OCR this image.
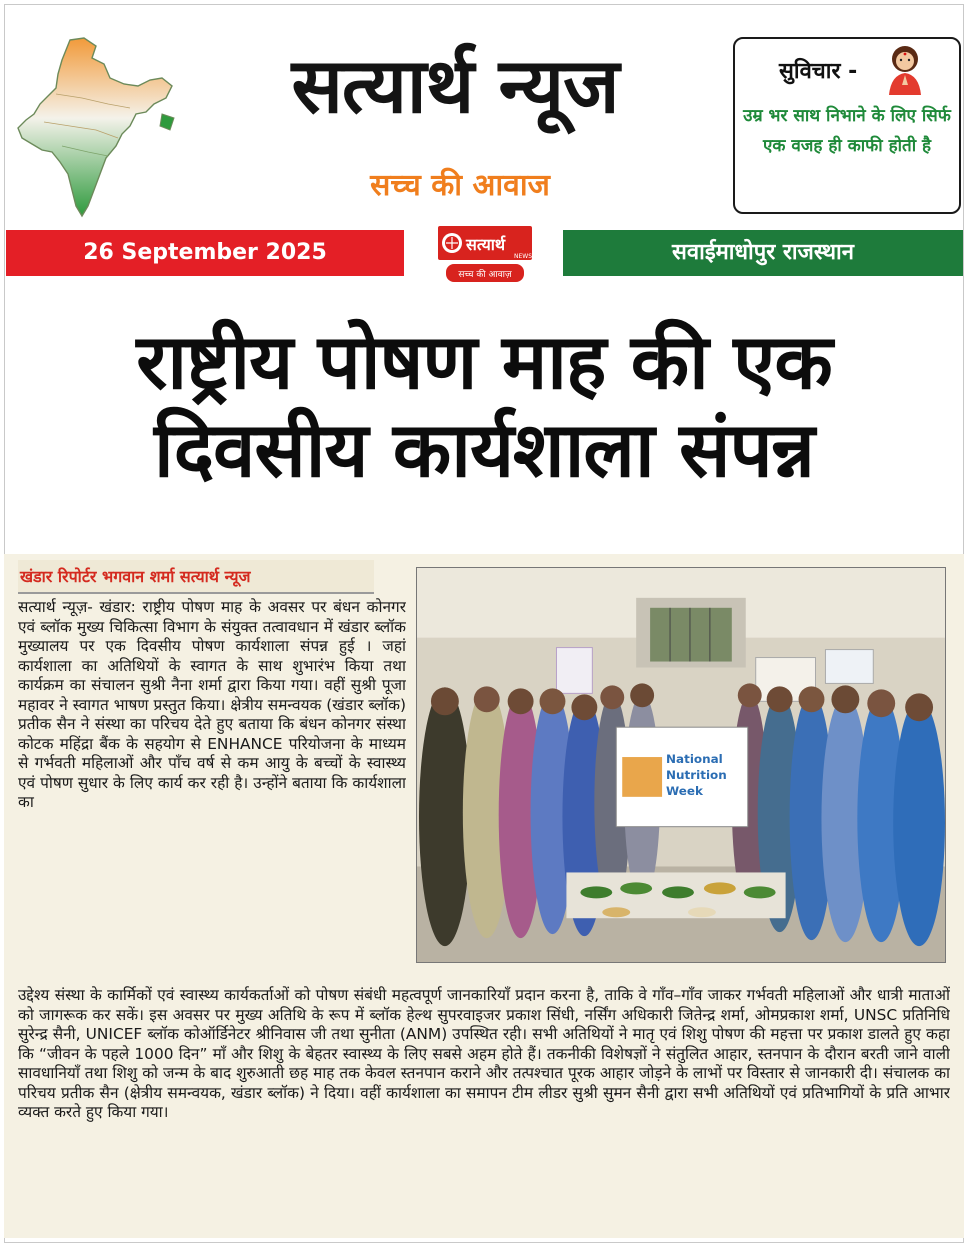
सत्यार्थ न्यूज
सच्च की आवाज
सुविचार -
उम्र भर साथ निभाने के लिए सिर्फ एक वजह ही काफी होती है
26 September 2025	सत्यार्थ
NEWS
सच्च की आवाज़
सवाईमाधोपुर राजस्थान
राष्ट्रीय पोषण माह की एक
दिवसीय कार्यशाला संपन्न
खंडार रिपोर्टर भगवान शर्मा सत्यार्थ न्यूज
National
Nutrition
Week
सत्यार्थ न्यूज़- खंडार: राष्ट्रीय पोषण माह के अवसर पर बंधन कोनगर एवं ब्लॉक मुख्य चिकित्सा विभाग के संयुक्त तत्वावधान में खंडार ब्लॉक मुख्यालय पर एक दिवसीय पोषण कार्यशाला संपन्न हुई । जहां कार्यशाला का अतिथियों के स्वागत के साथ शुभारंभ किया तथा कार्यक्रम का संचालन सुश्री नैना शर्मा द्वारा किया गया। वहीं सुश्री पूजा महावर ने स्वागत भाषण प्रस्तुत किया। क्षेत्रीय समन्वयक (खंडार ब्लॉक) प्रतीक सैन ने संस्था का परिचय देते हुए बताया कि बंधन कोनगर संस्था कोटक महिंद्रा बैंक के सहयोग से ENHANCE परियोजना के माध्यम से गर्भवती महिलाओं और पाँच वर्ष से कम आयु के बच्चों के स्वास्थ्य एवं पोषण सुधार के लिए कार्य कर रही है। उन्होंने बताया कि कार्यशाला का
उद्देश्य संस्था के कार्मिकों एवं स्वास्थ्य कार्यकर्ताओं को पोषण संबंधी महत्वपूर्ण जानकारियाँ प्रदान करना है, ताकि वे गाँव–गाँव जाकर गर्भवती महिलाओं और धात्री माताओं को जागरूक कर सकें। इस अवसर पर मुख्य अतिथि के रूप में ब्लॉक हेल्थ सुपरवाइजर प्रकाश सिंधी, नर्सिंग अधिकारी जितेन्द्र शर्मा, ओमप्रकाश शर्मा, UNSC प्रतिनिधि सुरेन्द्र सैनी, UNICEF ब्लॉक कोऑर्डिनेटर श्रीनिवास जी तथा सुनीता (ANM) उपस्थित रही। सभी अतिथियों ने मातृ एवं शिशु पोषण की महत्ता पर प्रकाश डालते हुए कहा कि “जीवन के पहले 1000 दिन” माँ और शिशु के बेहतर स्वास्थ्य के लिए सबसे अहम होते हैं। तकनीकी विशेषज्ञों ने संतुलित आहार, स्तनपान के दौरान बरती जाने वाली सावधानियाँ तथा शिशु को जन्म के बाद शुरुआती छह माह तक केवल स्तनपान कराने और तत्पश्चात पूरक आहार जोड़ने के लाभों पर विस्तार से जानकारी दी। संचालक का परिचय प्रतीक सैन (क्षेत्रीय समन्वयक, खंडार ब्लॉक) ने दिया। वहीं कार्यशाला का समापन टीम लीडर सुश्री सुमन सैनी द्वारा सभी अतिथियों एवं प्रतिभागियों के प्रति आभार व्यक्त करते हुए किया गया।
